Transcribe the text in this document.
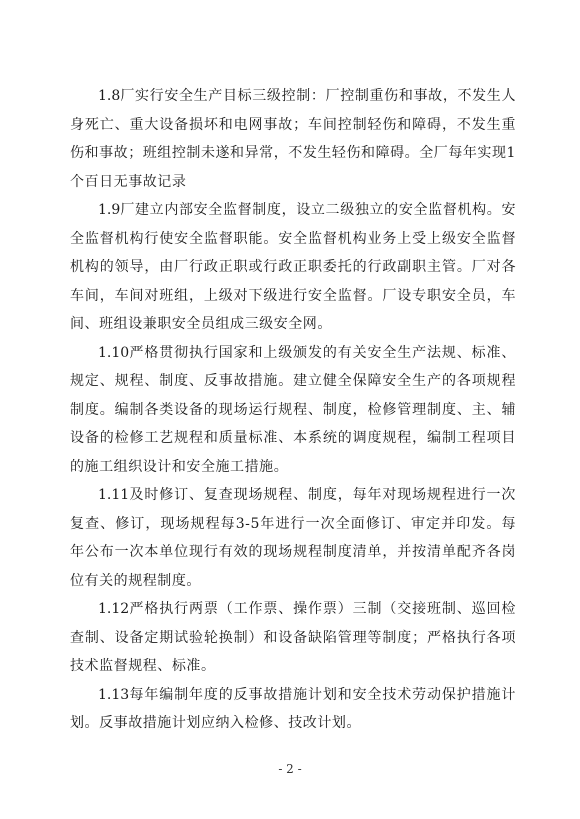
1.8厂实行安全生产目标三级控制：厂控制重伤和事故，不发生人身死亡、重大设备损坏和电网事故；车间控制轻伤和障碍，不发生重伤和事故；班组控制未遂和异常，不发生轻伤和障碍。全厂每年实现1个百日无事故记录

1.9厂建立内部安全监督制度，设立二级独立的安全监督机构。安全监督机构行使安全监督职能。安全监督机构业务上受上级安全监督机构的领导，由厂行政正职或行政正职委托的行政副职主管。厂对各车间，车间对班组，上级对下级进行安全监督。厂设专职安全员，车间、班组设兼职安全员组成三级安全网。

1.10严格贯彻执行国家和上级颁发的有关安全生产法规、标准、规定、规程、制度、反事故措施。建立健全保障安全生产的各项规程制度。编制各类设备的现场运行规程、制度，检修管理制度、主、辅设备的检修工艺规程和质量标准、本系统的调度规程，编制工程项目的施工组织设计和安全施工措施。

1.11及时修订、复查现场规程、制度，每年对现场规程进行一次复查、修订，现场规程每3-5年进行一次全面修订、审定并印发。每年公布一次本单位现行有效的现场规程制度清单，并按清单配齐各岗位有关的规程制度。

1.12严格执行两票（工作票、操作票）三制（交接班制、巡回检查制、设备定期试验轮换制）和设备缺陷管理等制度；严格执行各项技术监督规程、标准。

1.13每年编制年度的反事故措施计划和安全技术劳动保护措施计划。反事故措施计划应纳入检修、技改计划。

- 2 -
